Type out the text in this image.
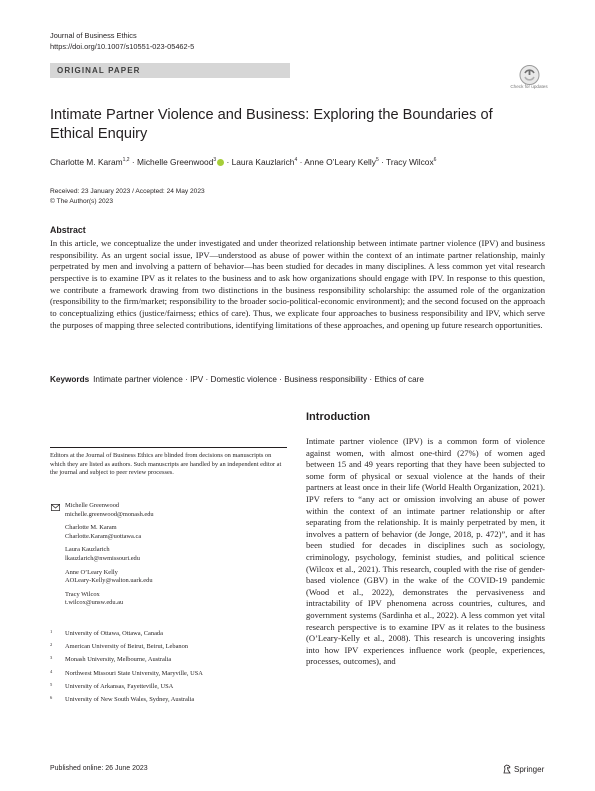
Journal of Business Ethics
https://doi.org/10.1007/s10551-023-05462-5
ORIGINAL PAPER
Check for updates
Intimate Partner Violence and Business: Exploring the Boundaries of Ethical Enquiry
Charlotte M. Karam$^{1,2}$ · Michelle Greenwood$^3$ · Laura Kauzlarich$^4$ · Anne O’Leary Kelly$^5$ · Tracy Wilcox$^6$
Received: 23 January 2023 / Accepted: 24 May 2023
© The Author(s) 2023
Abstract
In this article, we conceptualize the under investigated and under theorized relationship between intimate partner violence (IPV) and business responsibility. As an urgent social issue, IPV—understood as abuse of power within the context of an intimate partner relationship, mainly perpetrated by men and involving a pattern of behavior—has been studied for decades in many disciplines. A less common yet vital research perspective is to examine IPV as it relates to the business and to ask how organizations should engage with IPV. In response to this question, we contribute a framework drawing from two distinctions in the business responsibility scholarship: the assumed role of the organization (responsibility to the firm/market; responsibility to the broader socio-political-economic environment); and the second focused on the approach to conceptualizing ethics (justice/fairness; ethics of care). Thus, we explicate four approaches to business responsibility and IPV, which serve the purposes of mapping three selected contributions, identifying limitations of these approaches, and opening up future research opportunities.
Keywords Intimate partner violence · IPV · Domestic violence · Business responsibility · Ethics of care
Introduction
Intimate partner violence (IPV) is a common form of violence against women, with almost one-third (27%) of women aged between 15 and 49 years reporting that they have been subjected to some form of physical or sexual violence at the hands of their partners at least once in their life (World Health Organization, 2021). IPV refers to “any act or omission involving an abuse of power within the context of an intimate partner relationship or after separating from the relationship. It is mainly perpetrated by men, it involves a pattern of behavior (de Jonge, 2018, p. 472)”, and it has been studied for decades in disciplines such as sociology, criminology, psychology, feminist studies, and political science (Wilcox et al., 2021). This research, coupled with the rise of gender-based violence (GBV) in the wake of the COVID-19 pandemic (Wood et al., 2022), demonstrates the pervasiveness and intractability of IPV phenomena across countries, cultures, and government systems (Sardinha et al., 2022). A less common yet vital research perspective is to examine IPV as it relates to the business (O’Leary-Kelly et al., 2008). This research is uncovering insights into how IPV experiences influence work (people, experiences, processes, outcomes), and
Editors at the Journal of Business Ethics are blinded from decisions on manuscripts on which they are listed as authors. Such manuscripts are handled by an independent editor at the journal and subject to peer review processes.
Michelle Greenwood
michelle.greenwood@monash.edu
Charlotte M. Karam
Charlotte.Karam@uottawa.ca
Laura Kauzlarich
lkauzlarich@nwmissouri.edu
Anne O’Leary Kelly
AOLeary-Kelly@walton.uark.edu
Tracy Wilcox
t.wilcox@unsw.edu.au
1 University of Ottawa, Ottawa, Canada
2 American University of Beirut, Beirut, Lebanon
3 Monash University, Melbourne, Australia
4 Northwest Missouri State University, Maryville, USA
5 University of Arkansas, Fayetteville, USA
6 University of New South Wales, Sydney, Australia
Published online: 26 June 2023	Springer
